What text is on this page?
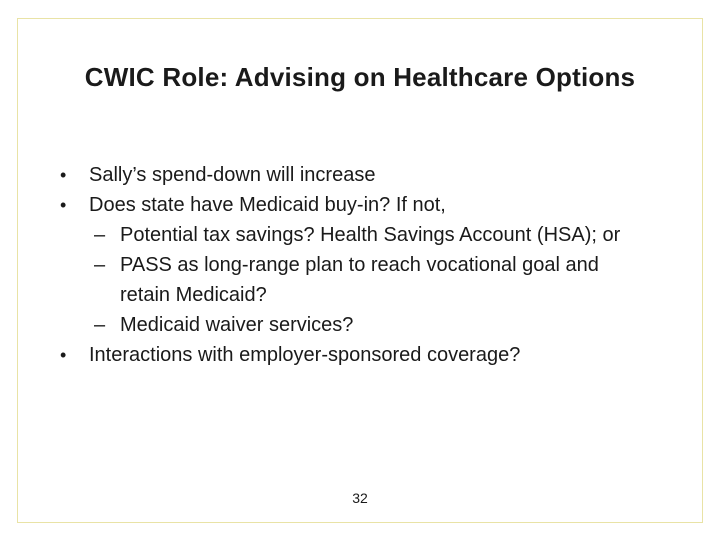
CWIC Role: Advising on Healthcare Options
• Sally’s spend-down will increase
• Does state have Medicaid buy-in? If not,
– Potential tax savings? Health Savings Account (HSA); or
– PASS as long-range plan to reach vocational goal and
retain Medicaid?
– Medicaid waiver services?
• Interactions with employer-sponsored coverage?
32
